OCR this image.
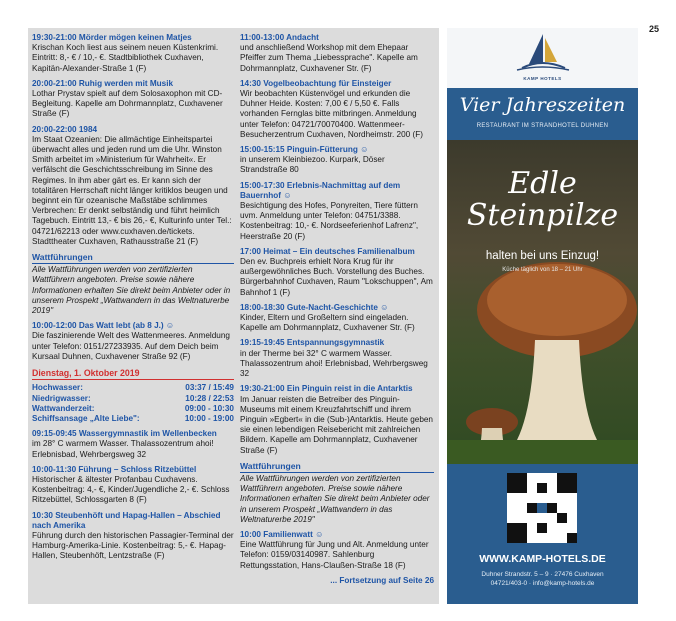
25
19:30-21:00 Mörder mögen keinen Matjes
Krischan Koch liest aus seinem neuen Küstenkrimi. Eintritt: 8,- € / 10,- €. Stadtbibliothek Cuxhaven, Kapitän-Alexander-Straße 1 (F)
20:00-21:00 Ruhig werden mit Musik
Lothar Prystav spielt auf dem Solosaxophon mit CD-Begleitung. Kapelle am Dohrmannplatz, Cuxhavener Straße (F)
20:00-22:00 1984
Im Staat Ozeanien: Die allmächtige Einheitspartei überwacht alles und jeden rund um die Uhr. Winston Smith arbeitet im »Ministerium für Wahrheit«. Er verfälscht die Geschichtsschreibung im Sinne des Regimes. In ihm aber gärt es. Er kann sich der totalitären Herrschaft nicht länger kritiklos beugen und beginnt ein für ozeanische Maßstäbe schlimmes Verbrechen: Er denkt selbständig und führt heimlich Tagebuch. Eintritt 13,- € bis 26,- €, Kulturinfo unter Tel.: 04721/62213 oder www.cuxhaven.de/tickets. Stadttheater Cuxhaven, Rathausstraße 21 (F)
Wattführungen
Alle Wattführungen werden von zertifizierten Wattführern angeboten. Preise sowie nähere Informationen erhalten Sie direkt beim Anbieter oder in unserem Prospekt „Wattwandern in das Weltnaturerbe 2019"
10:00-12:00 Das Watt lebt (ab 8 J.) ☺
Die faszinierende Welt des Wattenmeeres. Anmeldung unter Telefon: 0151/27233935. Auf dem Deich beim Kursaal Duhnen, Cuxhavener Straße 92 (F)
Dienstag, 1. Oktober 2019
Hochwasser:	03:37 / 15:49
Niedrigwasser:	10:28 / 22:53
Wattwanderzeit:	09:00 - 10:30
Schiffsansage „Alte Liebe":	10:00 - 19:00
09:15-09:45 Wassergymnastik im Wellenbecken
im 28° C warmem Wasser. Thalassozentrum ahoi! Erlebnisbad, Wehrbergsweg 32
10:00-11:30 Führung – Schloss Ritzebüttel
Historischer & ältester Profanbau Cuxhavens. Kostenbeitrag: 4,- €, Kinder/Jugendliche 2,- €. Schloss Ritzebüttel, Schlossgarten 8 (F)
10:30 Steubenhöft und Hapag-Hallen – Abschied nach Amerika
Führung durch den historischen Passagier-Terminal der Hamburg-Amerika-Linie. Kostenbeitrag: 5,- €. Hapag-Hallen, Steubenhöft, Lentzstraße (F)
11:00-13:00 Andacht
und anschließend Workshop mit dem Ehepaar Pfeiffer zum Thema „Liebessprache". Kapelle am Dohrmannplatz, Cuxhavener Str. (F)
14:30 Vogelbeobachtung für Einsteiger
Wir beobachten Küstenvögel und erkunden die Duhner Heide. Kosten: 7,00 € / 5,50 €. Falls vorhanden Fernglas bitte mitbringen. Anmeldung unter Telefon: 04721/70070400. Wattenmeer-Besucherzentrum Cuxhaven, Nordheimstr. 200 (F)
15:00-15:15 Pinguin-Fütterung ☺
in unserem Kleinbiezoo. Kurpark, Döser Strandstraße 80
15:00-17:30 Erlebnis-Nachmittag auf dem Bauernhof ☺
Besichtigung des Hofes, Ponyreiten, Tiere füttern uvm. Anmeldung unter Telefon: 04751/3388. Kostenbeitrag: 10,- €. Nordseeferienhof Lafrenz", Heerstraße 20 (F)
17:00 Heimat – Ein deutsches Familienalbum
Den ev. Buchpreis erhielt Nora Krug für ihr außergewöhnliches Buch. Vorstellung des Buches. Bürgerbahnhof Cuxhaven, Raum "Lokschuppen", Am Bahnhof 1 (F)
18:00-18:30 Gute-Nacht-Geschichte ☺
Kinder, Eltern und Großeltern sind eingeladen. Kapelle am Dohrmannplatz, Cuxhavener Str. (F)
19:15-19:45 Entspannungsgymnastik
in der Therme bei 32° C warmem Wasser. Thalassozentrum ahoi! Erlebnisbad, Wehrbergsweg 32
19:30-21:00 Ein Pinguin reist in die Antarktis
Im Januar reisten die Betreiber des Pinguin-Museums mit einem Kreuzfahrtschiff und ihrem Pinguin »Egbert« in die (Sub-)Antarktis. Heute geben sie einen lebendigen Reisebericht mit zahlreichen Bildern. Kapelle am Dohrmannplatz, Cuxhavener Straße (F)
Wattführungen
Alle Wattführungen werden von zertifizierten Wattführern angeboten. Preise sowie nähere Informationen erhalten Sie direkt beim Anbieter oder in unserem Prospekt „Wattwandern in das Weltnaturerbe 2019"
10:00 Familienwatt ☺
Eine Wattführung für Jung und Alt. Anmeldung unter Telefon: 0159/03140987. Sahlenburg Rettungsstation, Hans-Claußen-Straße 18 (F)
... Fortsetzung auf Seite 26
KAMP HOTELS
Vier Jahreszeiten
RESTAURANT IM STRANDHOTEL DUHNEN
Edle
Steinpilze
halten bei uns Einzug!
Küche täglich von 18 – 21 Uhr
WWW.KAMP-HOTELS.DE
Duhner Strandstr. 5 – 9 · 27476 Cuxhaven
04721/403-0 · info@kamp-hotels.de
